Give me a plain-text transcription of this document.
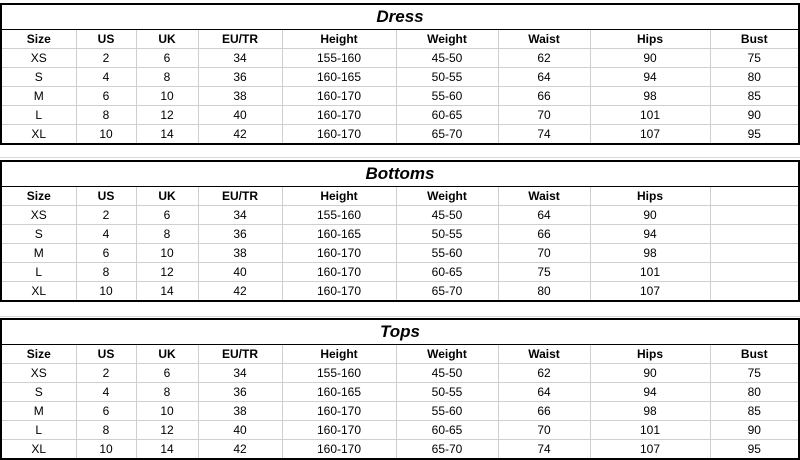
Dress
Size	US	UK	EU/TR	Height	Weight	Waist	Hips	Bust
XS	2	6	34	155-160	45-50	62	90	75
S	4	8	36	160-165	50-55	64	94	80
M	6	10	38	160-170	55-60	66	98	85
L	8	12	40	160-170	60-65	70	101	90
XL	10	14	42	160-170	65-70	74	107	95
Bottoms
Size	US	UK	EU/TR	Height	Weight	Waist	Hips	
XS	2	6	34	155-160	45-50	64	90	
S	4	8	36	160-165	50-55	66	94	
M	6	10	38	160-170	55-60	70	98	
L	8	12	40	160-170	60-65	75	101	
XL	10	14	42	160-170	65-70	80	107	
Tops
Size	US	UK	EU/TR	Height	Weight	Waist	Hips	Bust
XS	2	6	34	155-160	45-50	62	90	75
S	4	8	36	160-165	50-55	64	94	80
M	6	10	38	160-170	55-60	66	98	85
L	8	12	40	160-170	60-65	70	101	90
XL	10	14	42	160-170	65-70	74	107	95
